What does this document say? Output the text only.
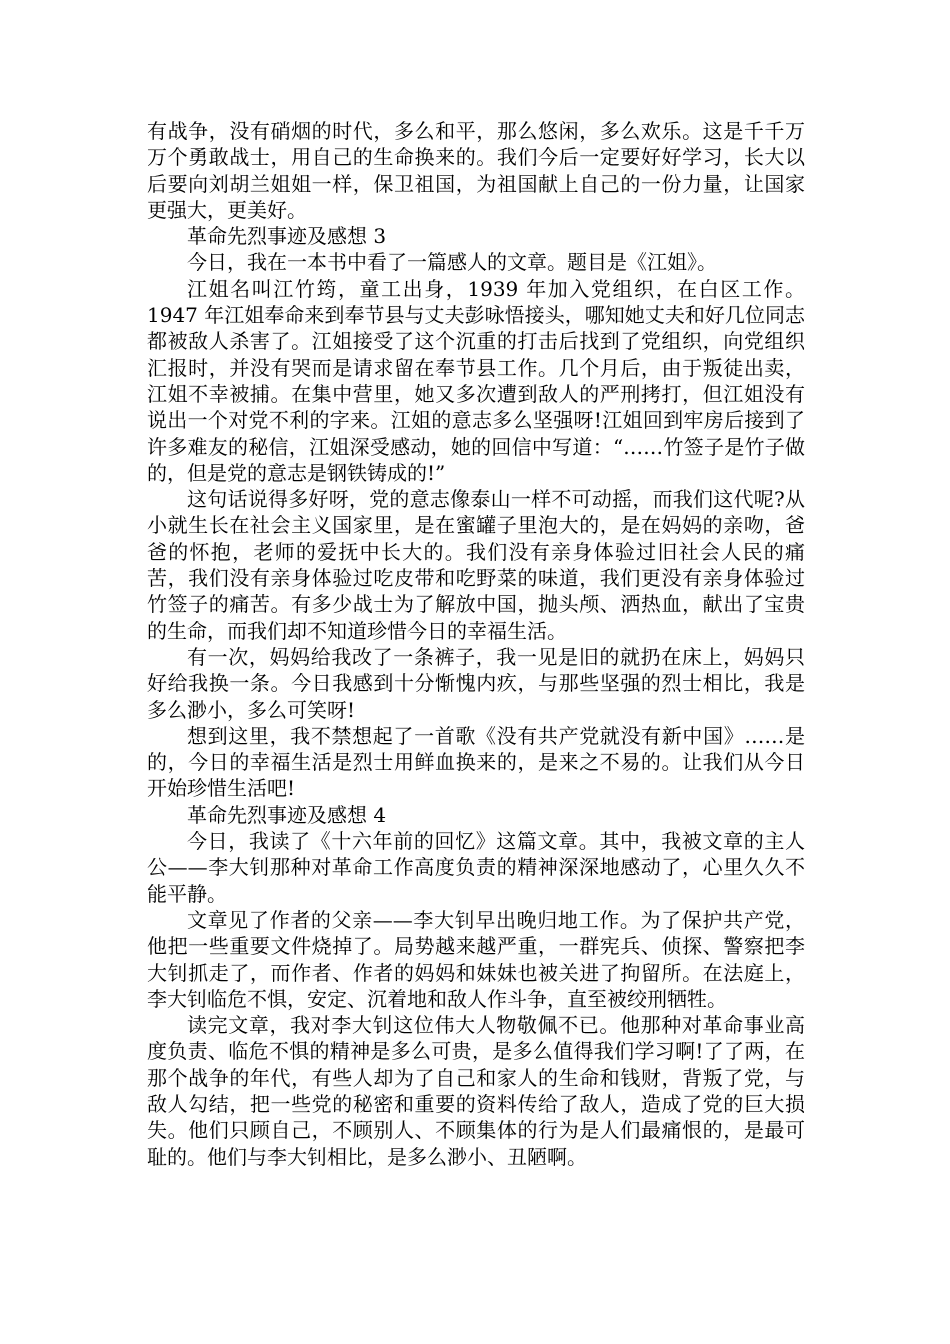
有战争，没有硝烟的时代，多么和平，那么悠闲，多么欢乐。这是千千万万个勇敢战士，用自己的生命换来的。我们今后一定要好好学习，长大以后要向刘胡兰姐姐一样，保卫祖国，为祖国献上自己的一份力量，让国家更强大，更美好。

革命先烈事迹及感想 3

今日，我在一本书中看了一篇感人的文章。题目是《江姐》。

江姐名叫江竹筠，童工出身，1939 年加入党组织，在白区工作。1947 年江姐奉命来到奉节县与丈夫彭咏悟接头，哪知她丈夫和好几位同志都被敌人杀害了。江姐接受了这个沉重的打击后找到了党组织，向党组织汇报时，并没有哭而是请求留在奉节县工作。几个月后，由于叛徒出卖，江姐不幸被捕。在集中营里，她又多次遭到敌人的严刑拷打，但江姐没有说出一个对党不利的字来。江姐的意志多么坚强呀!江姐回到牢房后接到了许多难友的秘信，江姐深受感动，她的回信中写道：“……竹签子是竹子做的，但是党的意志是钢铁铸成的!”

这句话说得多好呀，党的意志像泰山一样不可动摇，而我们这代呢?从小就生长在社会主义国家里，是在蜜罐子里泡大的，是在妈妈的亲吻，爸爸的怀抱，老师的爱抚中长大的。我们没有亲身体验过旧社会人民的痛苦，我们没有亲身体验过吃皮带和吃野菜的味道，我们更没有亲身体验过竹签子的痛苦。有多少战士为了解放中国，抛头颅、洒热血，献出了宝贵的生命，而我们却不知道珍惜今日的幸福生活。

有一次，妈妈给我改了一条裤子，我一见是旧的就扔在床上，妈妈只好给我换一条。今日我感到十分惭愧内疚，与那些坚强的烈士相比，我是多么渺小，多么可笑呀!

想到这里，我不禁想起了一首歌《没有共产党就没有新中国》……是的，今日的幸福生活是烈士用鲜血换来的，是来之不易的。让我们从今日开始珍惜生活吧!

革命先烈事迹及感想 4

今日，我读了《十六年前的回忆》这篇文章。其中，我被文章的主人公——李大钊那种对革命工作高度负责的精神深深地感动了，心里久久不能平静。

文章见了作者的父亲——李大钊早出晚归地工作。为了保护共产党，他把一些重要文件烧掉了。局势越来越严重，一群宪兵、侦探、警察把李大钊抓走了，而作者、作者的妈妈和妹妹也被关进了拘留所。在法庭上，李大钊临危不惧，安定、沉着地和敌人作斗争，直至被绞刑牺牲。

读完文章，我对李大钊这位伟大人物敬佩不已。他那种对革命事业高度负责、临危不惧的精神是多么可贵，是多么值得我们学习啊!了了两，在那个战争的年代，有些人却为了自己和家人的生命和钱财，背叛了党，与敌人勾结，把一些党的秘密和重要的资料传给了敌人，造成了党的巨大损失。他们只顾自己，不顾别人、不顾集体的行为是人们最痛恨的，是最可耻的。他们与李大钊相比，是多么渺小、丑陋啊。
